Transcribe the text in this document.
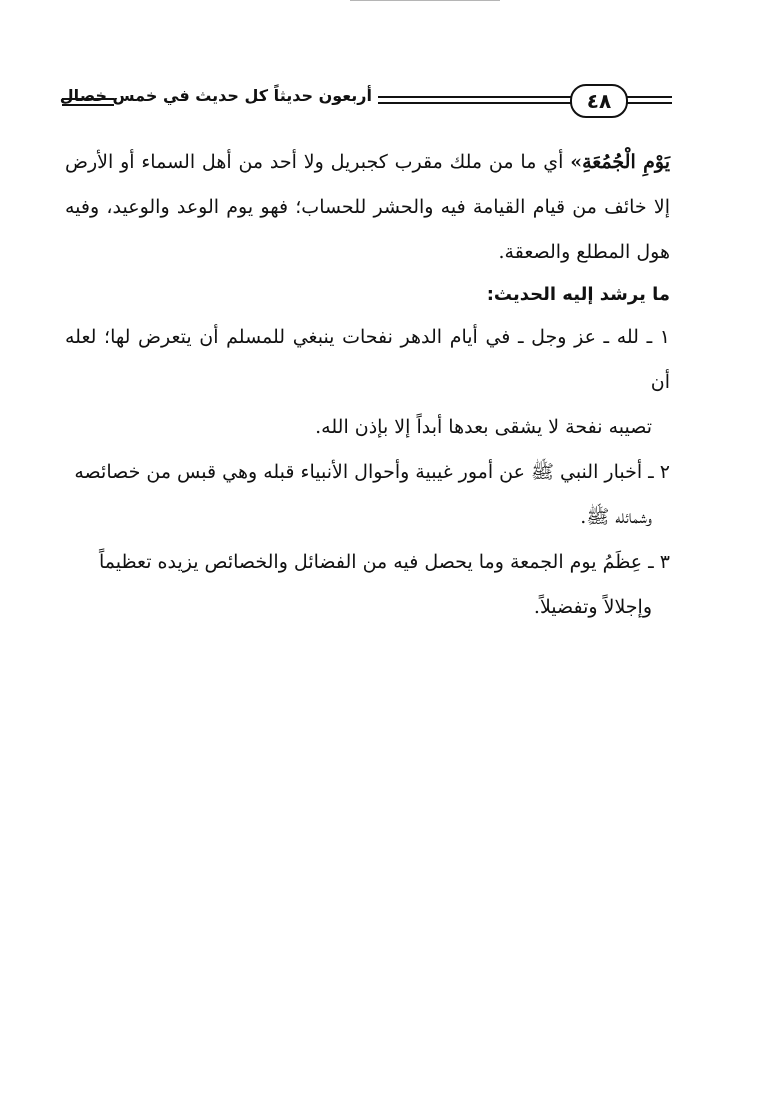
٤٨
أربعون حديثاً كل حديث في خمس خصال

يَوْمِ الْجُمُعَةِ» أي ما من ملك مقرب كجبريل ولا أحد من أهل السماء أو الأرض إلا خائف من قيام القيامة فيه والحشر للحساب؛ فهو يوم الوعد والوعيد، وفيه هول المطلع والصعقة.

ما يرشد إليه الحديث:

١ ـ لله ـ عز وجل ـ في أيام الدهر نفحات ينبغي للمسلم أن يتعرض لها؛ لعله أن
تصيبه نفحة لا يشقى بعدها أبداً إلا بإذن الله.

٢ ـ أخبار النبي ﷺ عن أمور غيبية وأحوال الأنبياء قبله وهي قبس من خصائصه
وشمائله ﷺ.

٣ ـ عِظَمُ يوم الجمعة وما يحصل فيه من الفضائل والخصائص يزيده تعظيماً
وإجلالاً وتفضيلاً.
